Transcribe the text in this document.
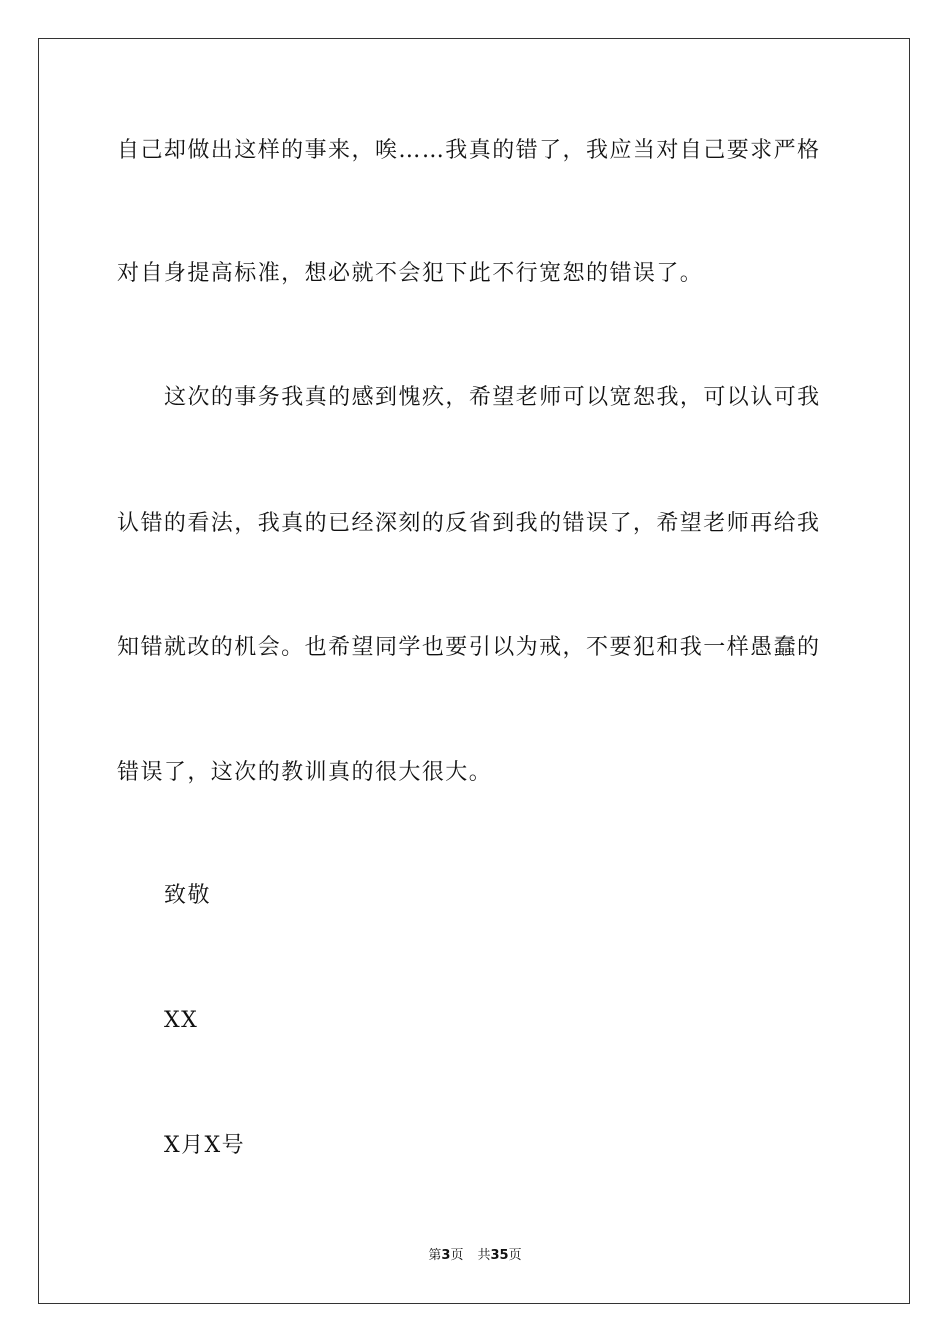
自己却做出这样的事来，唉……我真的错了，我应当对自己要求严格
对自身提高标准，想必就不会犯下此不行宽恕的错误了。
这次的事务我真的感到愧疚，希望老师可以宽恕我，可以认可我
认错的看法，我真的已经深刻的反省到我的错误了，希望老师再给我
知错就改的机会。也希望同学也要引以为戒，不要犯和我一样愚蠢的
错误了，这次的教训真的很大很大。
致敬
XX
X月X号
第3页 共35页
